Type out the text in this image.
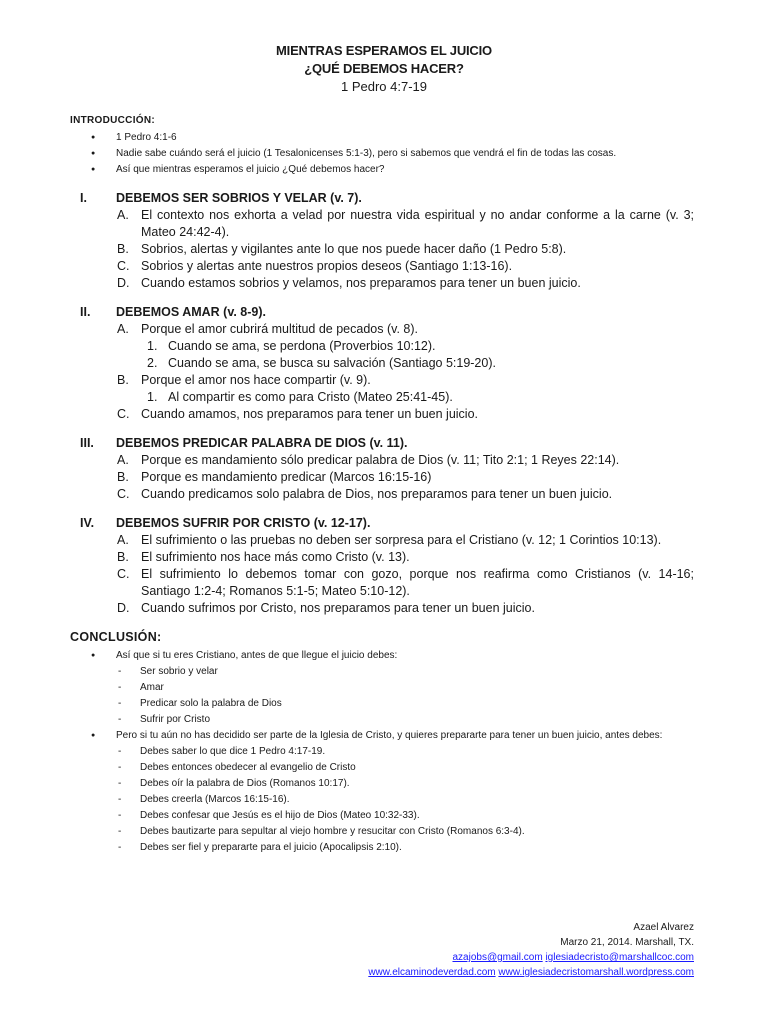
MIENTRAS ESPERAMOS EL JUICIO
¿QUÉ DEBEMOS HACER?
1 Pedro 4:7-19
INTRODUCCIÓN:
● 1 Pedro 4:1-6
● Nadie sabe cuándo será el juicio (1 Tesalonicenses 5:1-3), pero si sabemos que vendrá el fin de todas las cosas.
● Así que mientras esperamos el juicio ¿Qué debemos hacer?
I.	DEBEMOS SER SOBRIOS Y VELAR (v. 7).
A. El contexto nos exhorta a velad por nuestra vida espiritual y no andar conforme a la carne (v. 3; Mateo 24:42-4).
B. Sobrios, alertas y vigilantes ante lo que nos puede hacer daño (1 Pedro 5:8).
C. Sobrios y alertas ante nuestros propios deseos (Santiago 1:13-16).
D. Cuando estamos sobrios y velamos, nos preparamos para tener un buen juicio.
II.	DEBEMOS AMAR (v. 8-9).
A. Porque el amor cubrirá multitud de pecados (v. 8).
1. Cuando se ama, se perdona (Proverbios 10:12).
2. Cuando se ama, se busca su salvación (Santiago 5:19-20).
B. Porque el amor nos hace compartir (v. 9).
1. Al compartir es como para Cristo (Mateo 25:41-45).
C. Cuando amamos, nos preparamos para tener un buen juicio.
III.	DEBEMOS PREDICAR PALABRA DE DIOS (v. 11).
A. Porque es mandamiento sólo predicar palabra de Dios (v. 11; Tito 2:1; 1 Reyes 22:14).
B. Porque es mandamiento predicar (Marcos 16:15-16)
C. Cuando predicamos solo palabra de Dios, nos preparamos para tener un buen juicio.
IV.	DEBEMOS SUFRIR POR CRISTO (v. 12-17).
A. El sufrimiento o las pruebas no deben ser sorpresa para el Cristiano (v. 12; 1 Corintios 10:13).
B. El sufrimiento nos hace más como Cristo (v. 13).
C. El sufrimiento lo debemos tomar con gozo, porque nos reafirma como Cristianos (v. 14-16; Santiago 1:2-4; Romanos 5:1-5; Mateo 5:10-12).
D. Cuando sufrimos por Cristo, nos preparamos para tener un buen juicio.
CONCLUSIÓN:
● Así que si tu eres Cristiano, antes de que llegue el juicio debes:
- Ser sobrio y velar
- Amar
- Predicar solo la palabra de Dios
- Sufrir por Cristo
● Pero si tu aún no has decidido ser parte de la Iglesia de Cristo, y quieres prepararte para tener un buen juicio, antes debes:
- Debes saber lo que dice 1 Pedro 4:17-19.
- Debes entonces obedecer al evangelio de Cristo
- Debes oír la palabra de Dios (Romanos 10:17).
- Debes creerla (Marcos 16:15-16).
- Debes confesar que Jesús es el hijo de Dios (Mateo 10:32-33).
- Debes bautizarte para sepultar al viejo hombre y resucitar con Cristo (Romanos 6:3-4).
- Debes ser fiel y prepararte para el juicio (Apocalipsis 2:10).
Azael Alvarez
Marzo 21, 2014. Marshall, TX.
azajobs@gmail.com iglesiadecristo@marshallcoc.com
www.elcaminodeverdad.com www.iglesiadecristomarshall.wordpress.com
